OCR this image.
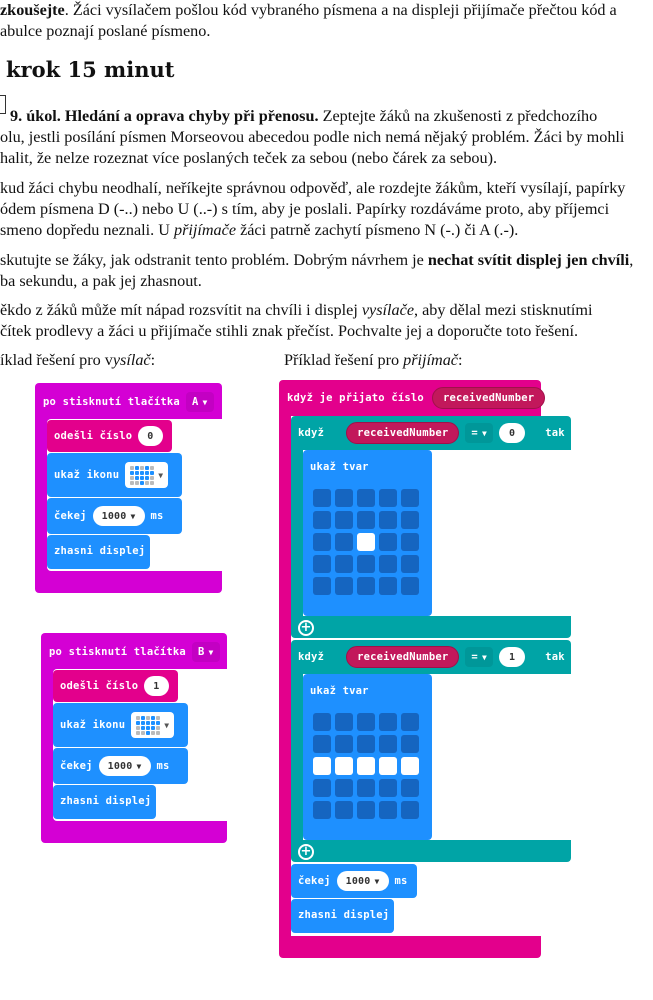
zkoušejte. Žáci vysílačem pošlou kód vybraného písmena a na displeji přijímače přečtou kód a
abulce poznají poslané písmeno.
krok 15 minut
9. úkol. Hledání a oprava chyby při přenosu. Zeptejte žáků na zkušenosti z předchozího
olu, jestli posílání písmen Morseovou abecedou podle nich nemá nějaký problém. Žáci by mohli
halit, že nelze rozeznat více poslaných teček za sebou (nebo čárek za sebou).
kud žáci chybu neodhalí, neříkejte správnou odpověď, ale rozdejte žákům, kteří vysílají, papírky
ódem písmena D (-..) nebo U (..-) s tím, aby je poslali. Papírky rozdáváme proto, aby příjemci
smeno dopředu neznali. U přijímače žáci patrně zachytí písmeno N (-.) či A (.-).
skutujte se žáky, jak odstranit tento problém. Dobrým návrhem je nechat svítit displej jen chvíli,
ba sekundu, a pak jej zhasnout.
ěkdo z žáků může mít nápad rozsvítit na chvíli i displej vysílače, aby dělal mezi stisknutími
čítek prodlevy a žáci u přijímače stihli znak přečíst. Pochvalte jej a doporučte toto řešení.
íklad řešení pro vysílač:	Příklad řešení pro přijímač:
po stisknutí tlačítka A ▼
odešli číslo	0
ukaž ikonu	▼
čekej 1000 ▼ ms
zhasni displej
po stisknutí tlačítka B ▼
odešli číslo	1
ukaž ikonu	▼
čekej 1000 ▼ ms
zhasni displej
když je přijato číslo	receivedNumber
když	receivedNumber	= ▼	0	tak
+
ukaž tvar
když	receivedNumber	= ▼	1	tak
+
ukaž tvar
čekej 1000 ▼ ms
zhasni displej
